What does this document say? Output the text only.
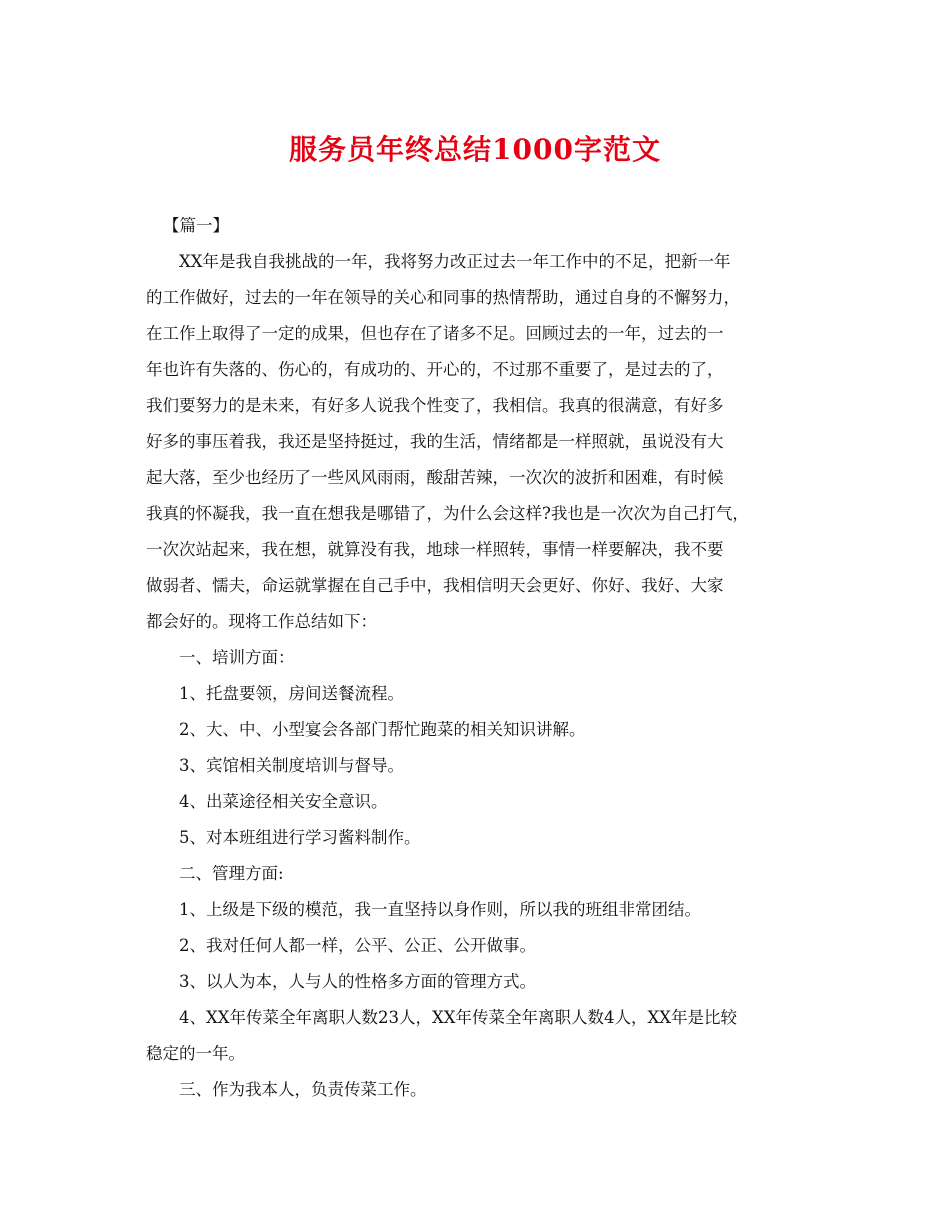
服务员年终总结1000字范文
【篇一】
XX年是我自我挑战的一年，我将努力改正过去一年工作中的不足，把新一年
的工作做好，过去的一年在领导的关心和同事的热情帮助，通过自身的不懈努力，
在工作上取得了一定的成果，但也存在了诸多不足。回顾过去的一年，过去的一
年也许有失落的、伤心的，有成功的、开心的，不过那不重要了，是过去的了，
我们要努力的是未来，有好多人说我个性变了，我相信。我真的很满意，有好多
好多的事压着我，我还是坚持挺过，我的生活，情绪都是一样照就，虽说没有大
起大落，至少也经历了一些风风雨雨，酸甜苦辣，一次次的波折和困难，有时候
我真的怀凝我，我一直在想我是哪错了，为什么会这样?我也是一次次为自己打气，
一次次站起来，我在想，就算没有我，地球一样照转，事情一样要解决，我不要
做弱者、懦夫，命运就掌握在自己手中，我相信明天会更好、你好、我好、大家
都会好的。现将工作总结如下：
一、培训方面：
1、托盘要领，房间送餐流程。
2、大、中、小型宴会各部门帮忙跑菜的相关知识讲解。
3、宾馆相关制度培训与督导。
4、出菜途径相关安全意识。
5、对本班组进行学习酱料制作。
二、管理方面:
1、上级是下级的模范，我一直坚持以身作则，所以我的班组非常团结。
2、我对任何人都一样，公平、公正、公开做事。
3、以人为本，人与人的性格多方面的管理方式。
4、XX年传菜全年离职人数23人，XX年传菜全年离职人数4人，XX年是比较
稳定的一年。
三、作为我本人，负责传菜工作。
